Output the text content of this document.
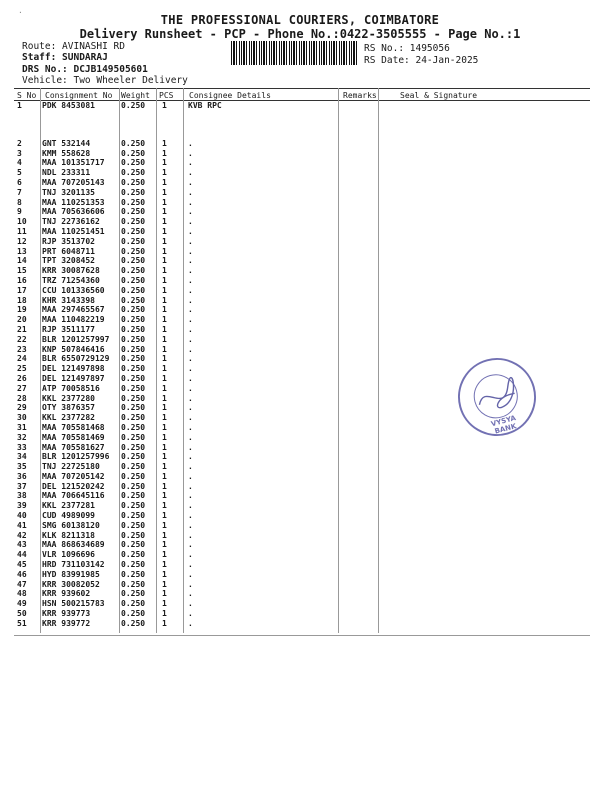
·
THE PROFESSIONAL COURIERS, COIMBATORE
Delivery Runsheet - PCP - Phone No.:0422-3505555 - Page No.:1
Route: AVINASHI RD
Staff: SUNDARAJ
DRS No.: DCJB149505601
Vehicle: Two Wheeler Delivery
RS No.: 1495056
RS Date: 24-Jan-2025
S No Consignment No Weight PCS Consignee Details	Remarks	Seal & Signature
1	PDK 8453081	0.250 1	KVB RPC
2	GNT 532144	0.250 1	.
3	KMM 558628	0.250 1	.
4	MAA 101351717 0.250 1	.
5	NDL 233311	0.250 1	.
6	MAA 707205143 0.250 1	.
7	TNJ 3201135	0.250 1	.
8	MAA 110251353 0.250 1	.
9	MAA 705636606 0.250 1	.
10 TNJ 22736162	0.250 1	.
11 MAA 110251451 0.250 1	.
12 RJP 3513702	0.250 1	.
13 PRT 6048711	0.250 1	.
14 TPT 3208452	0.250 1	.
15 KRR 30087628	0.250 1	.
16 TRZ 71254360	0.250 1	.
17 CCU 101336560 0.250 1	.
18 KHR 3143398	0.250 1	.
19 MAA 297465567 0.250 1	.
20 MAA 110482219 0.250 1	.
21 RJP 3511177	0.250 1	.
22 BLR 1201257997 0.250 1	.
23 KNP 507846416 0.250 1	.
24 BLR 6550729129 0.250 1	.
25 DEL 121497898 0.250 1	.
26 DEL 121497897 0.250 1	.
27 ATP 70058516	0.250 1	.
28 KKL 2377280	0.250 1	.
29 OTY 3876357	0.250 1	.
30 KKL 2377282	0.250 1	.
31 MAA 705581468 0.250 1	.
32 MAA 705581469 0.250 1	.
33 MAA 705581627 0.250 1	.
34 BLR 1201257996 0.250 1	.
35 TNJ 22725180	0.250 1	.
36 MAA 707205142 0.250 1	.
37 DEL 121520242 0.250 1	.
38 MAA 706645116 0.250 1	.
39 KKL 2377281	0.250 1	.
40 CUD 4989099	0.250 1	.
41 SMG 60138120	0.250 1	.
42 KLK 8211318	0.250 1	.
43 MAA 868634689 0.250 1	.
44 VLR 1096696	0.250 1	.
45 HRD 731103142 0.250 1	.
46 HYD 83991985	0.250 1	.
47 KRR 30082052	0.250 1	.
48 KRR 939602	0.250 1	.
49 HSN 500215783 0.250 1	.
50 KRR 939773	0.250 1	.
51 KRR 939772	0.250 1	.
VYSYA BANK
